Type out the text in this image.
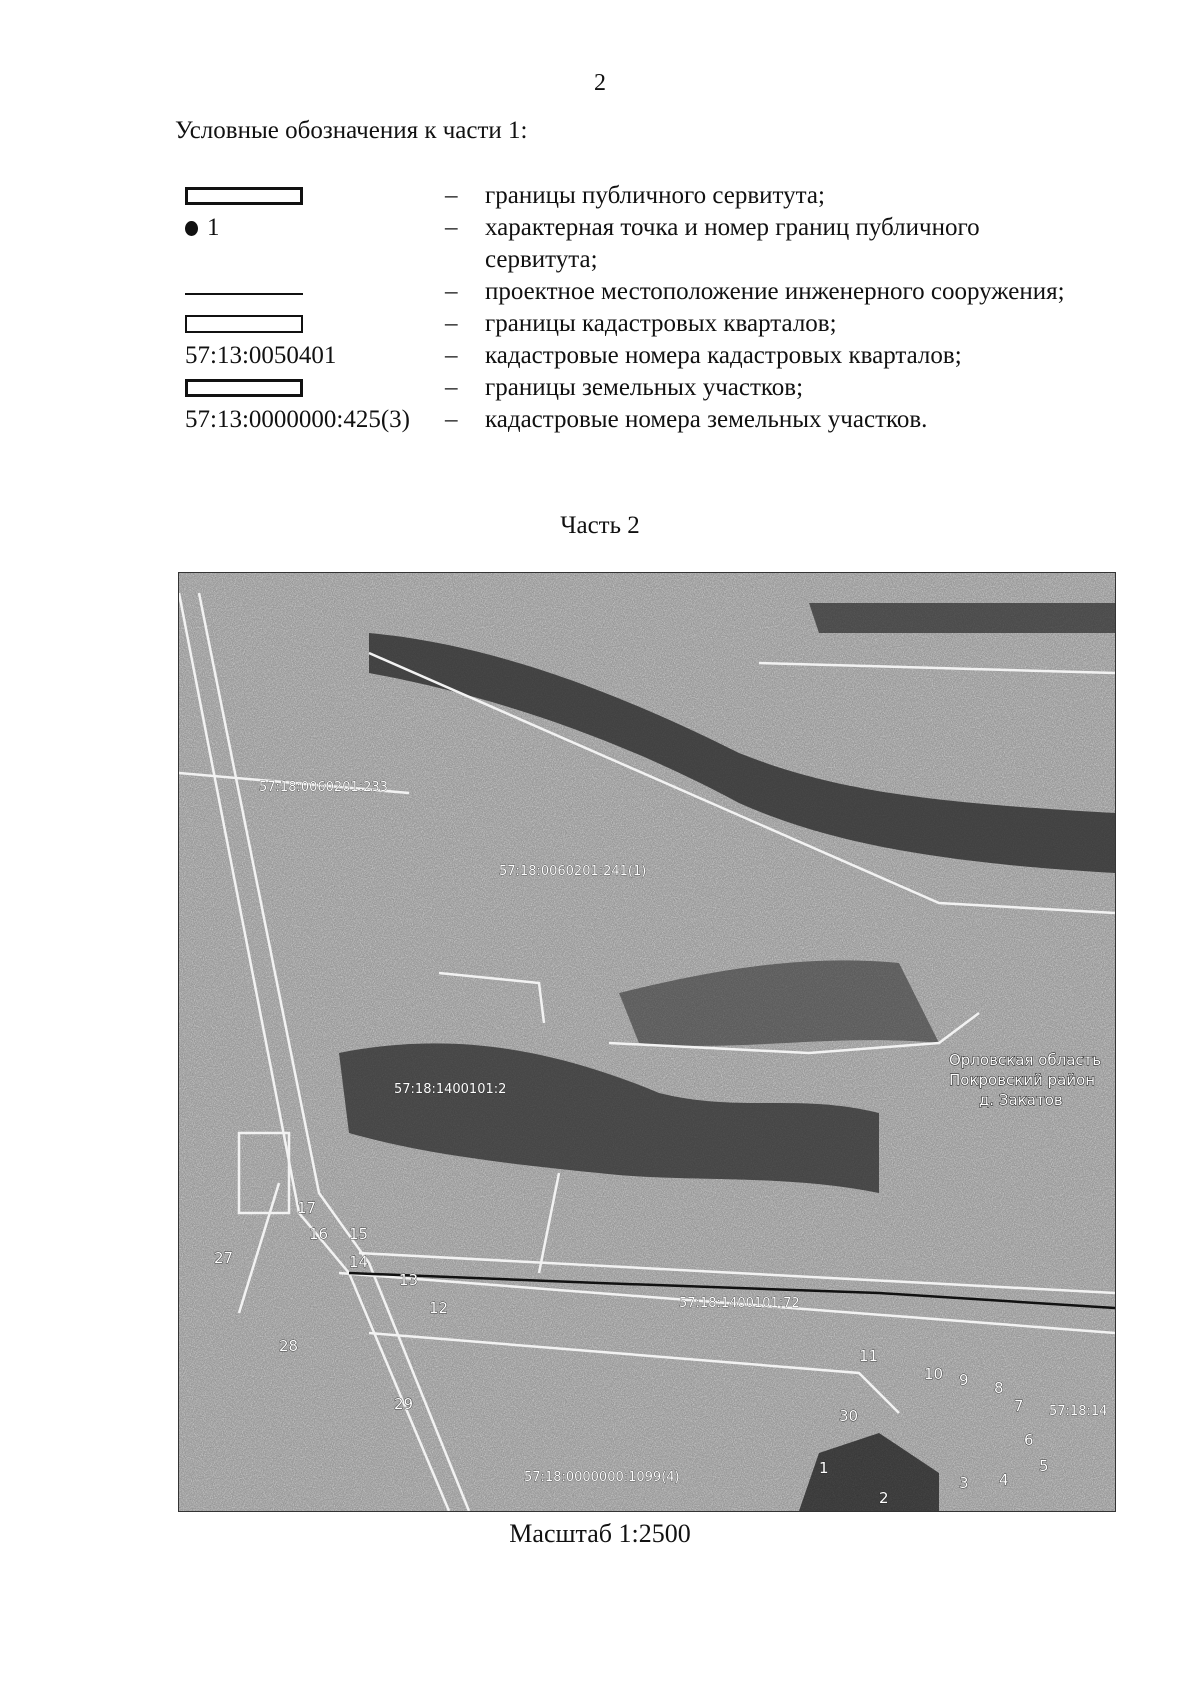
2
Условные обозначения к части 1:
– границы публичного сервитута;
1	– характерная точка и номер границ публичного сервитута;
– проектное местоположение инженерного сооружения;
– границы кадастровых кварталов;
57:13:0050401	– кадастровые номера кадастровых кварталов;
– границы земельных участков;
57:13:0000000:425(3) – кадастровые номера земельных участков.
Часть 2
57:18:0060201:233
57:18:0060201:241(1)
57:18:1400101:2
57:18:1400101:72
57:18:0000000:1099(4)
57:18:14
Орловская область
Покровский район
д. Закатов
1
2
3 4
5
6
7
8
9
10
11
12
13
14
15
16
17
27
28
29
30
Масштаб 1:2500
